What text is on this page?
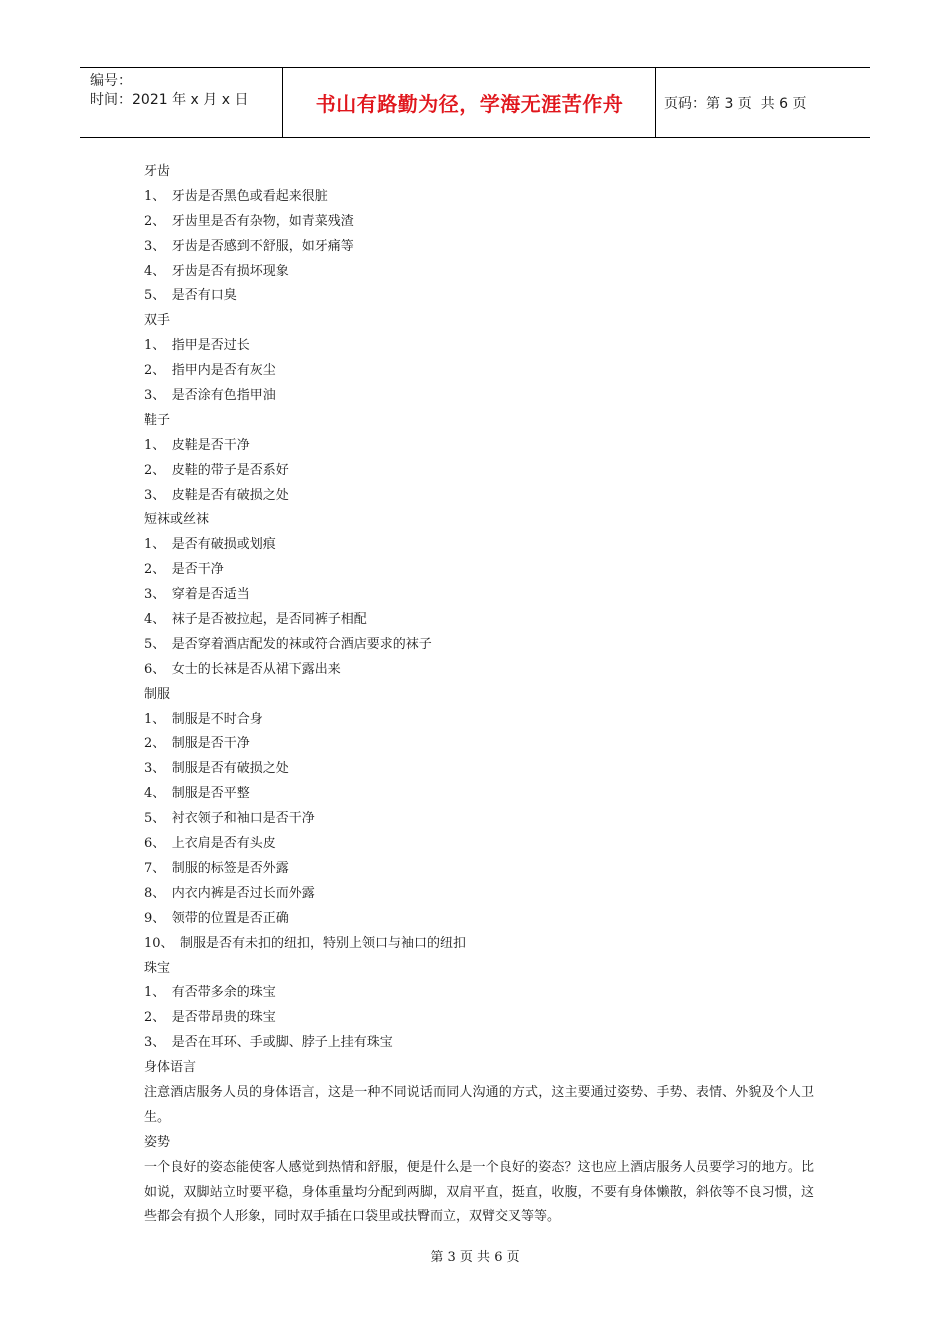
编号：
时间：2021 年 x 月 x 日	书山有路勤为径，学海无涯苦作舟	页码：第 3 页  共 6 页
牙齿
1、　牙齿是否黑色或看起来很脏
2、　牙齿里是否有杂物，如青菜残渣
3、　牙齿是否感到不舒服，如牙痛等
4、　牙齿是否有损坏现象
5、　是否有口臭
双手
1、　指甲是否过长
2、　指甲内是否有灰尘
3、　是否涂有色指甲油
鞋子
1、　皮鞋是否干净
2、　皮鞋的带子是否系好
3、　皮鞋是否有破损之处
短袜或丝袜
1、　是否有破损或划痕
2、　是否干净
3、　穿着是否适当
4、　袜子是否被拉起，是否同裤子相配
5、　是否穿着酒店配发的袜或符合酒店要求的袜子
6、　女士的长袜是否从裙下露出来
制服
1、　制服是不时合身
2、　制服是否干净
3、　制服是否有破损之处
4、　制服是否平整
5、　衬衣领子和袖口是否干净
6、　上衣肩是否有头皮
7、　制服的标签是否外露
8、　内衣内裤是否过长而外露
9、　领带的位置是否正确
10、　制服是否有未扣的纽扣，特别上领口与袖口的纽扣
珠宝
1、　有否带多余的珠宝
2、　是否带昂贵的珠宝
3、　是否在耳环、手或脚、脖子上挂有珠宝
身体语言
注意酒店服务人员的身体语言，这是一种不同说话而同人沟通的方式，这主要通过姿势、手势、表情、外貌及个人卫生。
姿势
一个良好的姿态能使客人感觉到热情和舒服，便是什么是一个良好的姿态？这也应上酒店服务人员要学习的地方。比如说，双脚站立时要平稳，身体重量均分配到两脚，双肩平直，挺直，收腹，不要有身体懒散，斜依等不良习惯，这些都会有损个人形象，同时双手插在口袋里或扶臀而立，双臂交叉等等。
第 3 页 共 6 页
